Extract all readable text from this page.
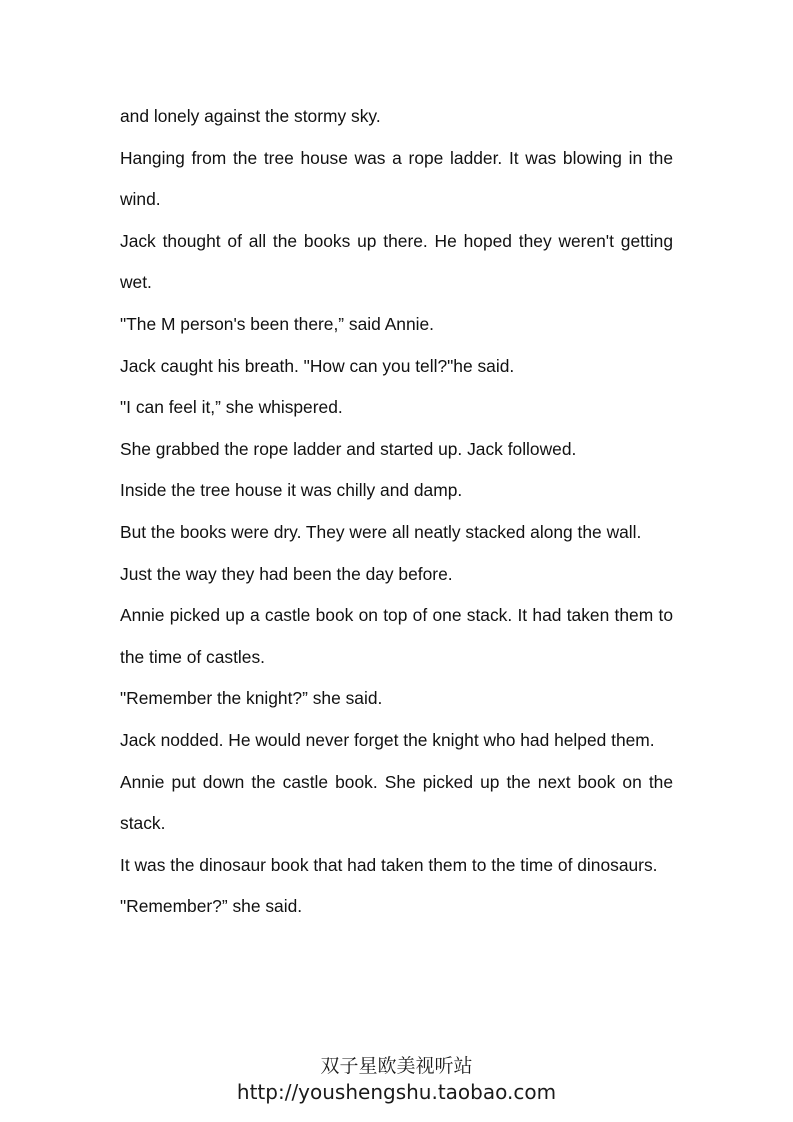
and lonely against the stormy sky.

Hanging from the tree house was a rope ladder. It was blowing in the wind.

Jack thought of all the books up there. He hoped they weren't getting wet.

"The M person's been there,” said Annie.

Jack caught his breath. "How can you tell?"he said.

"I can feel it,” she whispered.

She grabbed the rope ladder and started up. Jack followed.

Inside the tree house it was chilly and damp.

But the books were dry. They were all neatly stacked along the wall.

Just the way they had been the day before.

Annie picked up a castle book on top of one stack. It had taken them to the time of castles.

"Remember the knight?” she said.

Jack nodded. He would never forget the knight who had helped them.

Annie put down the castle book. She picked up the next book on the stack.

It was the dinosaur book that had taken them to the time of dinosaurs.

"Remember?” she said.

双子星欧美视听站
http://youshengshu.taobao.com
